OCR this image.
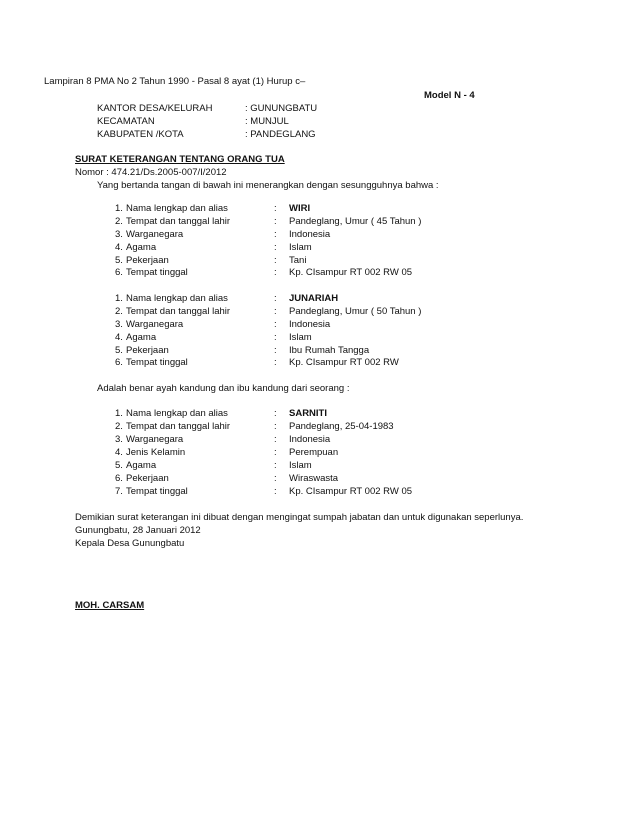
Lampiran 8 PMA No 2 Tahun 1990 - Pasal 8 ayat (1) Hurup c–
Model N - 4
KANTOR DESA/KELURAH	: GUNUNGBATU
KECAMATAN	: MUNJUL
KABUPATEN /KOTA	: PANDEGLANG
SURAT KETERANGAN TENTANG ORANG TUA
Nomor : 474.21/Ds.2005-007/I/2012
Yang bertanda tangan di bawah ini menerangkan dengan sesungguhnya bahwa :
1. Nama lengkap dan alias	: WIRI
2. Tempat dan tanggal lahir	: Pandeglang, Umur ( 45 Tahun )
3. Warganegara	: Indonesia
4. Agama	: Islam
5. Pekerjaan	: Tani
6. Tempat tinggal	: Kp. CIsampur RT 002 RW 05
1. Nama lengkap dan alias	: JUNARIAH
2. Tempat dan tanggal lahir	: Pandeglang, Umur ( 50 Tahun )
3. Warganegara	: Indonesia
4. Agama	: Islam
5. Pekerjaan	: Ibu Rumah Tangga
6. Tempat tinggal	: Kp. CIsampur RT 002 RW
Adalah benar ayah kandung dan ibu kandung dari seorang :
1. Nama lengkap dan alias	: SARNITI
2. Tempat dan tanggal lahir	: Pandeglang, 25-04-1983
3. Warganegara	: Indonesia
4. Jenis Kelamin	: Perempuan
5. Agama	: Islam
6. Pekerjaan	: Wiraswasta
7. Tempat tinggal	: Kp. CIsampur RT 002 RW 05
Demikian surat keterangan ini dibuat dengan mengingat sumpah jabatan dan untuk digunakan seperlunya.
Gunungbatu, 28 Januari 2012
Kepala Desa Gunungbatu
MOH. CARSAM
